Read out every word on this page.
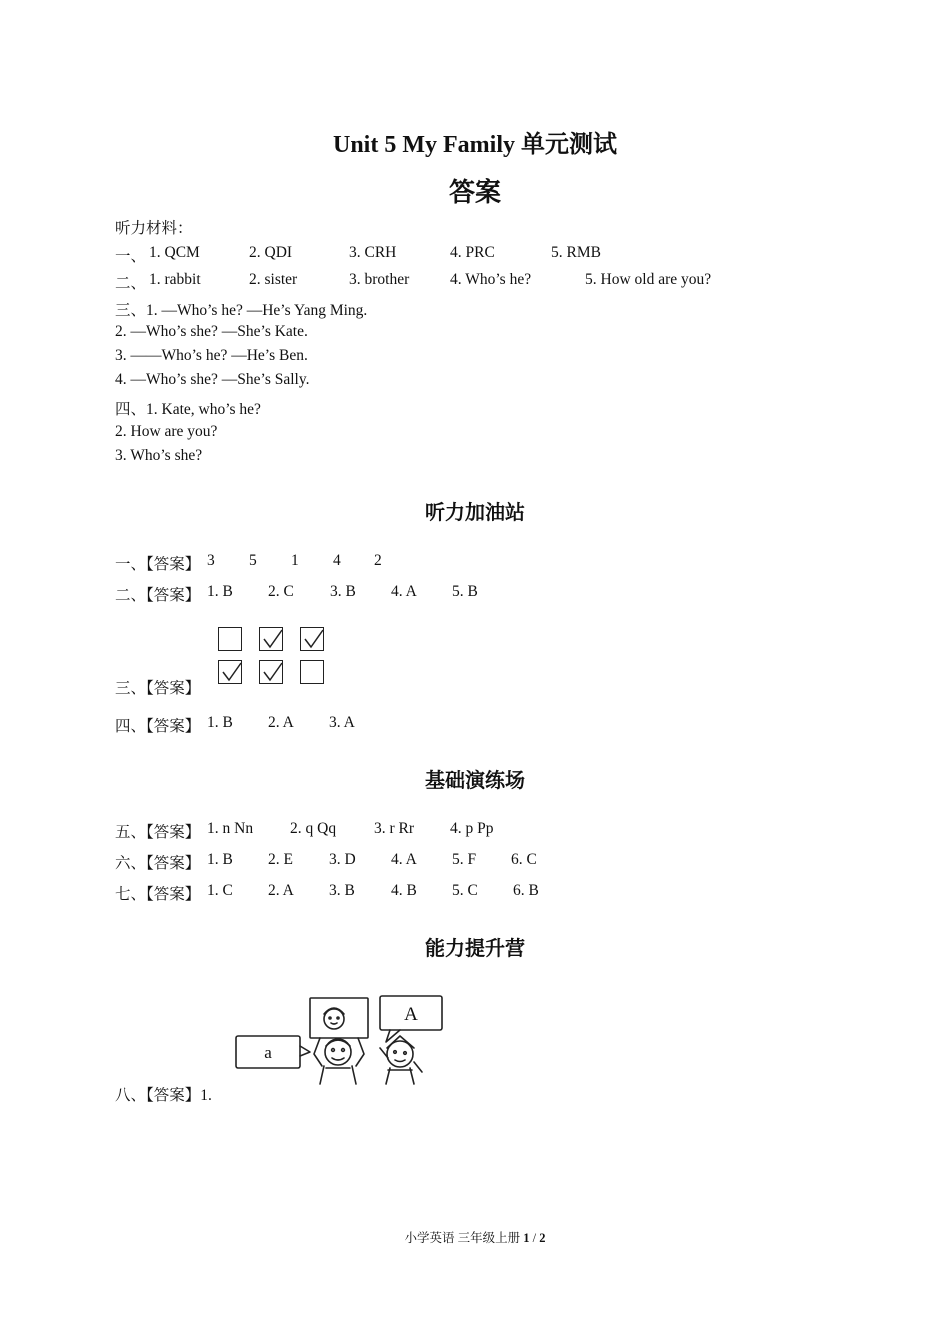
Unit 5 My Family 单元测试
答案
听力材料：
一、 1. QCM	2. QDI	3. CRH	4. PRC	5. RMB
二、 1. rabbit	2. sister	3. brother	4. Who’s he?	5. How old are you?
三、1. —Who’s he? —He’s Yang Ming.
2. —Who’s she? —She’s Kate.
3. ——Who’s he? —He’s Ben.
4. —Who’s she? —She’s Sally.
四、1. Kate, who’s he?
2. How are you?
3. Who’s she?
听力加油站
一、【答案】 3 5 1 4 2
二、【答案】 1. B 2. C 3. B 4. A 5. B
三、【答案】
四、【答案】 1. B 2. A 3. A
基础演练场
五、【答案】 1. n Nn 2. q Qq 3. r Rr 4. p Pp
六、【答案】 1. B 2. E 3. D 4. A 5. F 6. C
七、【答案】 1. C 2. A 3. B 4. B 5. C 6. B
能力提升营
a
A
八、【答案】1.
小学英语 三年级上册 1 / 2
